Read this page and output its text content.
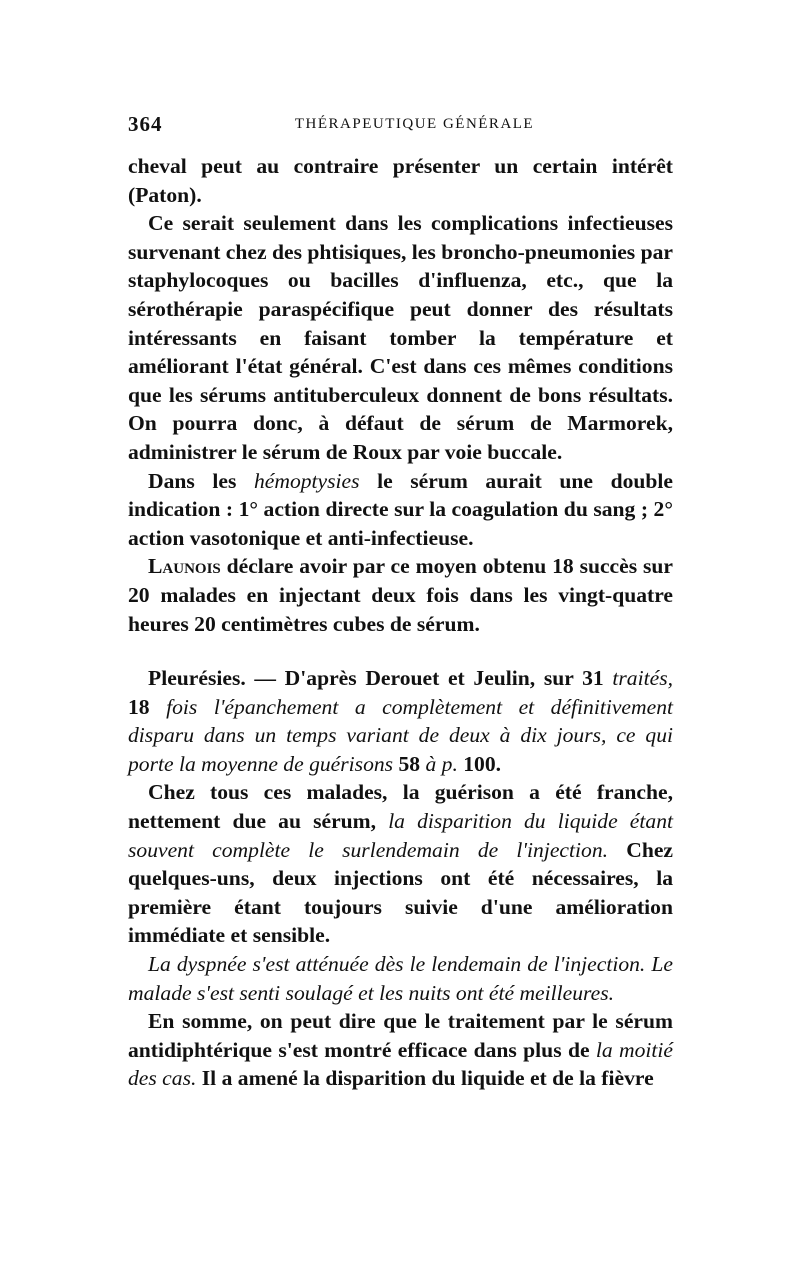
364	THÉRAPEUTIQUE GÉNÉRALE

cheval peut au contraire présenter un certain intérêt (Paton).

Ce serait seulement dans les complications infectieuses survenant chez des phtisiques, les broncho-pneumonies par staphylocoques ou bacilles d'influenza, etc., que la sérothérapie paraspécifique peut donner des résultats intéressants en faisant tomber la température et améliorant l'état général. C'est dans ces mêmes conditions que les sérums antituberculeux donnent de bons résultats. On pourra donc, à défaut de sérum de Marmorek, administrer le sérum de Roux par voie buccale.

Dans les hémoptysies le sérum aurait une double indication : 1° action directe sur la coagulation du sang ; 2° action vasotonique et anti-infectieuse.

Launois déclare avoir par ce moyen obtenu 18 succès sur 20 malades en injectant deux fois dans les vingt-quatre heures 20 centimètres cubes de sérum.

Pleurésies. — D'après Derouet et Jeulin, sur 31 traités, 18 fois l'épanchement a complètement et définitivement disparu dans un temps variant de deux à dix jours, ce qui porte la moyenne de guérisons 58 à p. 100.

Chez tous ces malades, la guérison a été franche, nettement due au sérum, la disparition du liquide étant souvent complète le surlendemain de l'injection. Chez quelques-uns, deux injections ont été nécessaires, la première étant toujours suivie d'une amélioration immédiate et sensible.

La dyspnée s'est atténuée dès le lendemain de l'injection. Le malade s'est senti soulagé et les nuits ont été meilleures.

En somme, on peut dire que le traitement par le sérum antidiphtérique s'est montré efficace dans plus de la moitié des cas. Il a amené la disparition du liquide et de la fièvre
